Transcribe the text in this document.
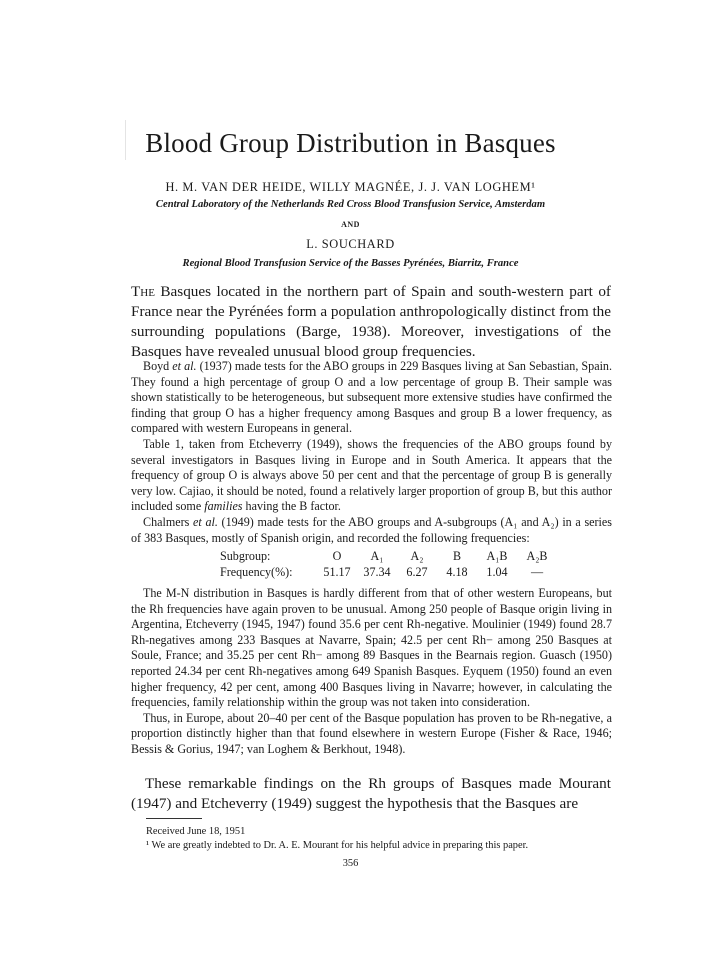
Blood Group Distribution in Basques
H. M. VAN DER HEIDE, WILLY MAGNÉE, J. J. VAN LOGHEM¹
Central Laboratory of the Netherlands Red Cross Blood Transfusion Service, Amsterdam
AND
L. SOUCHARD
Regional Blood Transfusion Service of the Basses Pyrénées, Biarritz, France

The Basques located in the northern part of Spain and south-western part of France near the Pyrénées form a population anthropologically distinct from the surrounding populations (Barge, 1938). Moreover, investigations of the Basques have revealed unusual blood group frequencies.

Boyd et al. (1937) made tests for the ABO groups in 229 Basques living at San Sebastian, Spain. They found a high percentage of group O and a low percentage of group B. Their sample was shown statistically to be heterogeneous, but subsequent more extensive studies have confirmed the finding that group O has a higher frequency among Basques and group B a lower frequency, as compared with western Europeans in general.

Table 1, taken from Etcheverry (1949), shows the frequencies of the ABO groups found by several investigators in Basques living in Europe and in South America. It appears that the frequency of group O is always above 50 per cent and that the percentage of group B is generally very low. Cajiao, it should be noted, found a relatively larger proportion of group B, but this author included some families having the B factor.

Chalmers et al. (1949) made tests for the ABO groups and A-subgroups (A₁ and A₂) in a series of 383 Basques, mostly of Spanish origin, and recorded the following frequencies:

Subgroup:	O	A₁	A₂	B	A₁B	A₂B
Frequency(%):	51.17	37.34	6.27	4.18	1.04	—

The M-N distribution in Basques is hardly different from that of other western Europeans, but the Rh frequencies have again proven to be unusual. Among 250 people of Basque origin living in Argentina, Etcheverry (1945, 1947) found 35.6 per cent Rh-negative. Moulinier (1949) found 28.7 Rh-negatives among 233 Basques at Navarre, Spain; 42.5 per cent Rh− among 250 Basques at Soule, France; and 35.25 per cent Rh− among 89 Basques in the Bearnais region. Guasch (1950) reported 24.34 per cent Rh-negatives among 649 Spanish Basques. Eyquem (1950) found an even higher frequency, 42 per cent, among 400 Basques living in Navarre; however, in calculating the frequencies, family relationship within the group was not taken into consideration.

Thus, in Europe, about 20–40 per cent of the Basque population has proven to be Rh-negative, a proportion distinctly higher than that found elsewhere in western Europe (Fisher & Race, 1946; Bessis & Gorius, 1947; van Loghem & Berkhout, 1948).

These remarkable findings on the Rh groups of Basques made Mourant (1947) and Etcheverry (1949) suggest the hypothesis that the Basques are

Received June 18, 1951
¹ We are greatly indebted to Dr. A. E. Mourant for his helpful advice in preparing this paper.
356
